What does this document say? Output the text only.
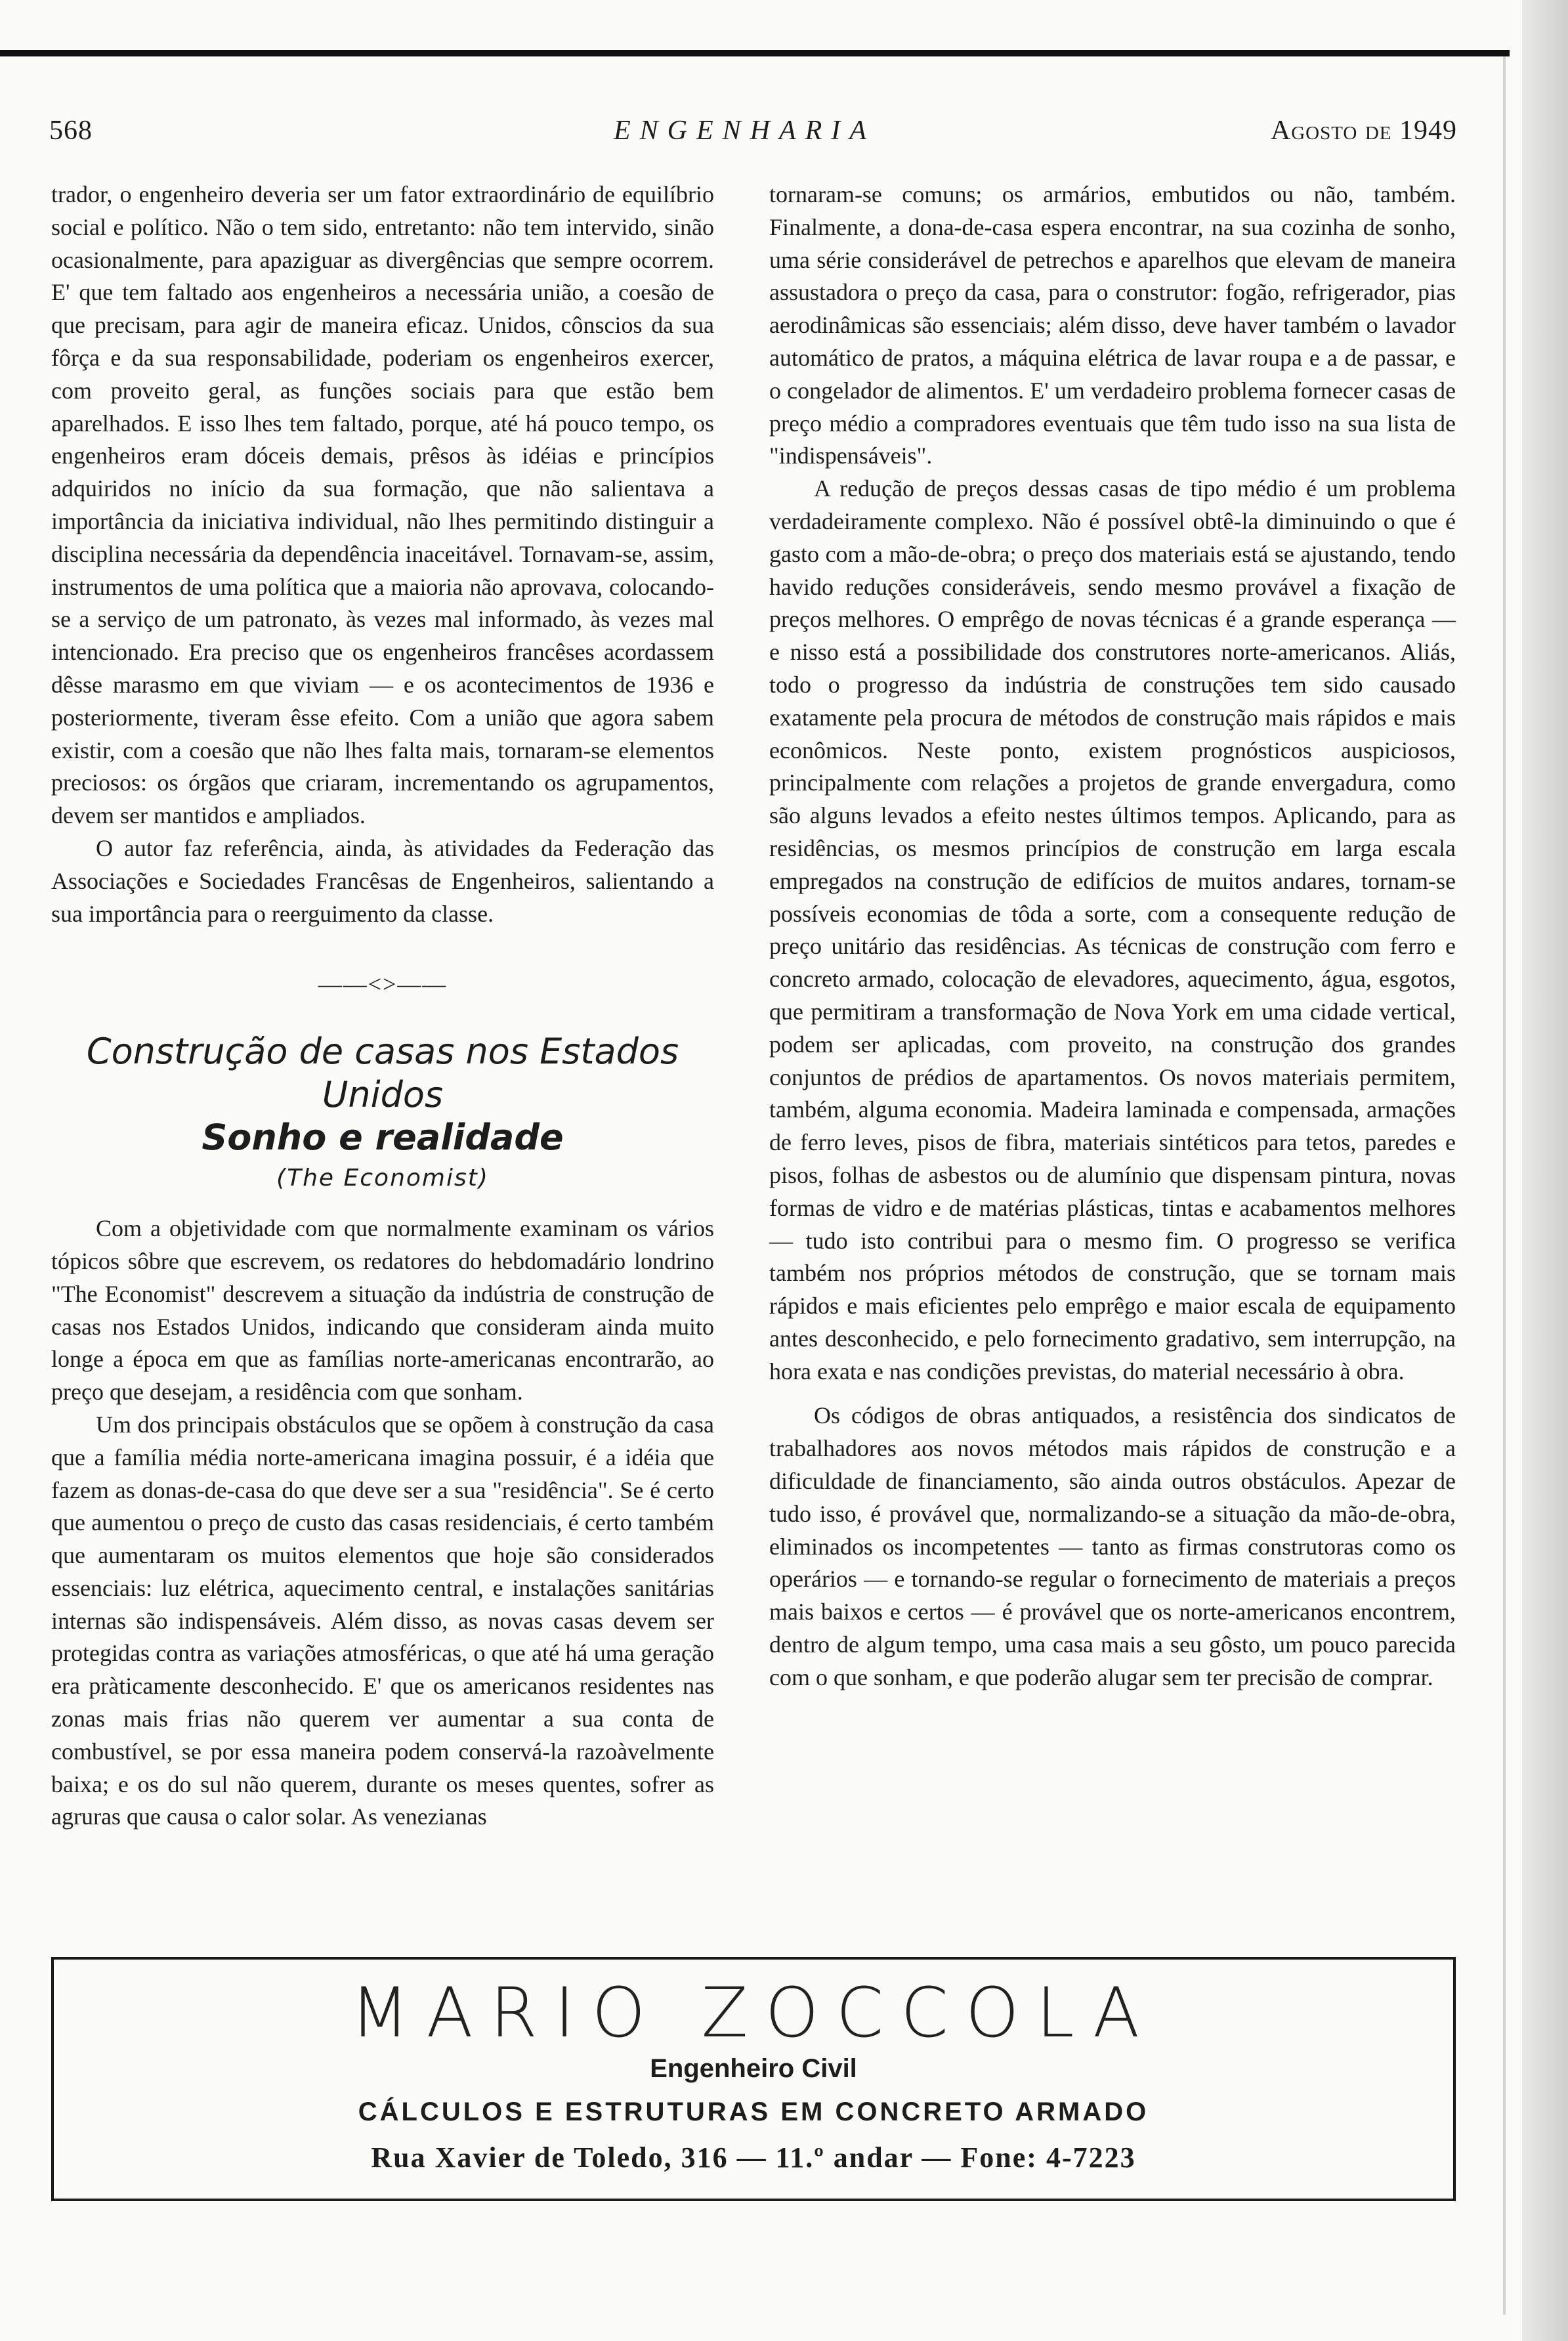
568	ENGENHARIA	Agosto de 1949

trador, o engenheiro deveria ser um fator extraordinário de equilíbrio social e político. Não o tem sido, entretanto: não tem intervido, sinão ocasionalmente, para apaziguar as divergências que sempre ocorrem. E' que tem faltado aos engenheiros a necessária união, a coesão de que precisam, para agir de maneira eficaz. Unidos, cônscios da sua fôrça e da sua responsabilidade, poderiam os engenheiros exercer, com proveito geral, as funções sociais para que estão bem aparelhados. E isso lhes tem faltado, porque, até há pouco tempo, os engenheiros eram dóceis demais, prêsos às idéias e princípios adquiridos no início da sua formação, que não salientava a importância da iniciativa individual, não lhes permitindo distinguir a disciplina necessária da dependência inaceitável. Tornavam-se, assim, instrumentos de uma política que a maioria não aprovava, colocando-se a serviço de um patronato, às vezes mal informado, às vezes mal intencionado. Era preciso que os engenheiros francêses acordassem dêsse marasmo em que viviam — e os acontecimentos de 1936 e posteriormente, tiveram êsse efeito. Com a união que agora sabem existir, com a coesão que não lhes falta mais, tornaram-se elementos preciosos: os órgãos que criaram, incrementando os agrupamentos, devem ser mantidos e ampliados.

O autor faz referência, ainda, às atividades da Federação das Associações e Sociedades Francêsas de Engenheiros, salientando a sua importância para o reerguimento da classe.

——<>——
Construção de casas nos Estados Unidos
Sonho e realidade
(The Economist)

Com a objetividade com que normalmente examinam os vários tópicos sôbre que escrevem, os redatores do hebdomadário londrino "The Economist" descrevem a situação da indústria de construção de casas nos Estados Unidos, indicando que consideram ainda muito longe a época em que as famílias norte-americanas encontrarão, ao preço que desejam, a residência com que sonham.

Um dos principais obstáculos que se opõem à construção da casa que a família média norte-americana imagina possuir, é a idéia que fazem as donas-de-casa do que deve ser a sua "residência". Se é certo que aumentou o preço de custo das casas residenciais, é certo também que aumentaram os muitos elementos que hoje são considerados essenciais: luz elétrica, aquecimento central, e instalações sanitárias internas são indispensáveis. Além disso, as novas casas devem ser protegidas contra as variações atmosféricas, o que até há uma geração era pràticamente desconhecido. E' que os americanos residentes nas zonas mais frias não querem ver aumentar a sua conta de combustível, se por essa maneira podem conservá-la razoàvelmente baixa; e os do sul não querem, durante os meses quentes, sofrer as agruras que causa o calor solar. As venezianas

tornaram-se comuns; os armários, embutidos ou não, também. Finalmente, a dona-de-casa espera encontrar, na sua cozinha de sonho, uma série considerável de petrechos e aparelhos que elevam de maneira assustadora o preço da casa, para o construtor: fogão, refrigerador, pias aerodinâmicas são essenciais; além disso, deve haver também o lavador automático de pratos, a máquina elétrica de lavar roupa e a de passar, e o congelador de alimentos. E' um verdadeiro problema fornecer casas de preço médio a compradores eventuais que têm tudo isso na sua lista de "indispensáveis".

A redução de preços dessas casas de tipo médio é um problema verdadeiramente complexo. Não é possível obtê-la diminuindo o que é gasto com a mão-de-obra; o preço dos materiais está se ajustando, tendo havido reduções consideráveis, sendo mesmo provável a fixação de preços melhores. O emprêgo de novas técnicas é a grande esperança — e nisso está a possibilidade dos construtores norte-americanos. Aliás, todo o progresso da indústria de construções tem sido causado exatamente pela procura de métodos de construção mais rápidos e mais econômicos. Neste ponto, existem prognósticos auspiciosos, principalmente com relações a projetos de grande envergadura, como são alguns levados a efeito nestes últimos tempos. Aplicando, para as residências, os mesmos princípios de construção em larga escala empregados na construção de edifícios de muitos andares, tornam-se possíveis economias de tôda a sorte, com a consequente redução de preço unitário das residências. As técnicas de construção com ferro e concreto armado, colocação de elevadores, aquecimento, água, esgotos, que permitiram a transformação de Nova York em uma cidade vertical, podem ser aplicadas, com proveito, na construção dos grandes conjuntos de prédios de apartamentos. Os novos materiais permitem, também, alguma economia. Madeira laminada e compensada, armações de ferro leves, pisos de fibra, materiais sintéticos para tetos, paredes e pisos, folhas de asbestos ou de alumínio que dispensam pintura, novas formas de vidro e de matérias plásticas, tintas e acabamentos melhores — tudo isto contribui para o mesmo fim. O progresso se verifica também nos próprios métodos de construção, que se tornam mais rápidos e mais eficientes pelo emprêgo e maior escala de equipamento antes desconhecido, e pelo fornecimento gradativo, sem interrupção, na hora exata e nas condições previstas, do material necessário à obra.

Os códigos de obras antiquados, a resistência dos sindicatos de trabalhadores aos novos métodos mais rápidos de construção e a dificuldade de financiamento, são ainda outros obstáculos. Apezar de tudo isso, é provável que, normalizando-se a situação da mão-de-obra, eliminados os incompetentes — tanto as firmas construtoras como os operários — e tornando-se regular o fornecimento de materiais a preços mais baixos e certos — é provável que os norte-americanos encontrem, dentro de algum tempo, uma casa mais a seu gôsto, um pouco parecida com o que sonham, e que poderão alugar sem ter precisão de comprar.

MARIO ZOCCOLA
Engenheiro Civil
CÁLCULOS E ESTRUTURAS EM CONCRETO ARMADO
Rua Xavier de Toledo, 316 — 11.º andar — Fone: 4-7223
